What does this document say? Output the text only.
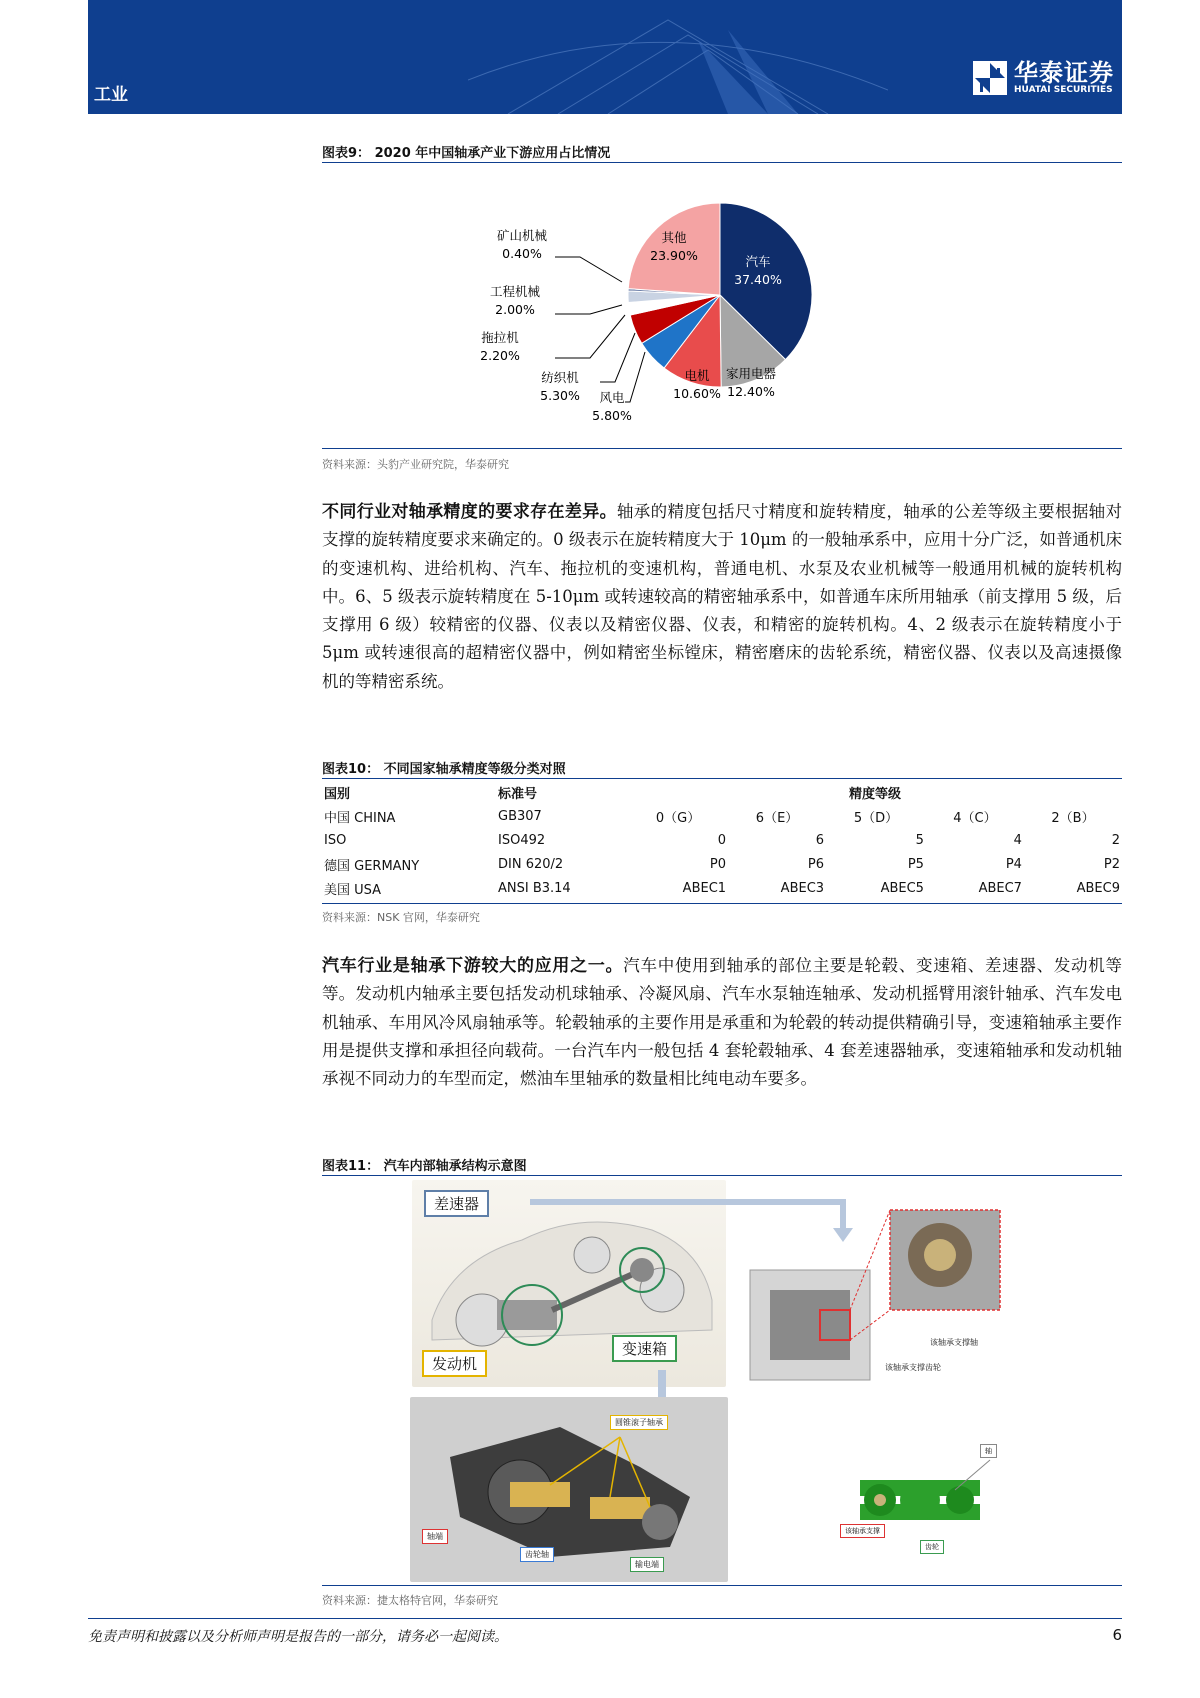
工业
华泰证券
HUATAI SECURITIES
图表9： 2020 年中国轴承产业下游应用占比情况
汽车
37.40%
家用电器
12.40%
电机
10.60%
其他
23.90%
矿山机械
0.40%
工程机械
2.00%
拖拉机
2.20%
纺织机
5.30% 风电
5.80%
资料来源：头豹产业研究院，华泰研究
不同行业对轴承精度的要求存在差异。轴承的精度包括尺寸精度和旋转精度，轴承的公差等级主要根据轴对支撑的旋转精度要求来确定的。0 级表示在旋转精度大于 10μm 的一般轴承系中，应用十分广泛，如普通机床的变速机构、进给机构、汽车、拖拉机的变速机构，普通电机、水泵及农业机械等一般通用机械的旋转机构中。6、5 级表示旋转精度在 5-10μm 或转速较高的精密轴承系中，如普通车床所用轴承（前支撑用 5 级，后支撑用 6 级）较精密的仪器、仪表以及精密仪器、仪表，和精密的旋转机构。4、2 级表示在旋转精度小于 5μm 或转速很高的超精密仪器中，例如精密坐标镗床，精密磨床的齿轮系统，精密仪器、仪表以及高速摄像机的等精密系统。
图表10： 不同国家轴承精度等级分类对照
国别	标准号	精度等级				
中国 CHINA	GB307	0（G）	6（E）	5（D）	4（C）	2（B）
ISO	ISO492	0	6	5	4	2
德国 GERMANY	DIN 620/2	P0	P6	P5	P4	P2
美国 USA	ANSI B3.14	ABEC1	ABEC3	ABEC5	ABEC7	ABEC9
资料来源：NSK 官网，华泰研究
汽车行业是轴承下游较大的应用之一。汽车中使用到轴承的部位主要是轮毂、变速箱、差速器、发动机等等。发动机内轴承主要包括发动机球轴承、冷凝风扇、汽车水泵轴连轴承、发动机摇臂用滚针轴承、汽车发电机轴承、车用风冷风扇轴承等。轮毂轴承的主要作用是承重和为轮毂的转动提供精确引导，变速箱轴承主要作用是提供支撑和承担径向载荷。一台汽车内一般包括 4 套轮毂轴承、4 套差速器轴承，变速箱轴承和发动机轴承视不同动力的车型而定，燃油车里轴承的数量相比纯电动车要多。
图表11： 汽车内部轴承结构示意图
差速器
发动机
变速箱	该轴承支撑轴
该轴承支撑齿轮
圆锥滚子轴承
轴端
齿轮轴
输电端
轴
该轴承支撑
齿轮
资料来源：捷太格特官网，华泰研究
免责声明和披露以及分析师声明是报告的一部分，请务必一起阅读。	6
